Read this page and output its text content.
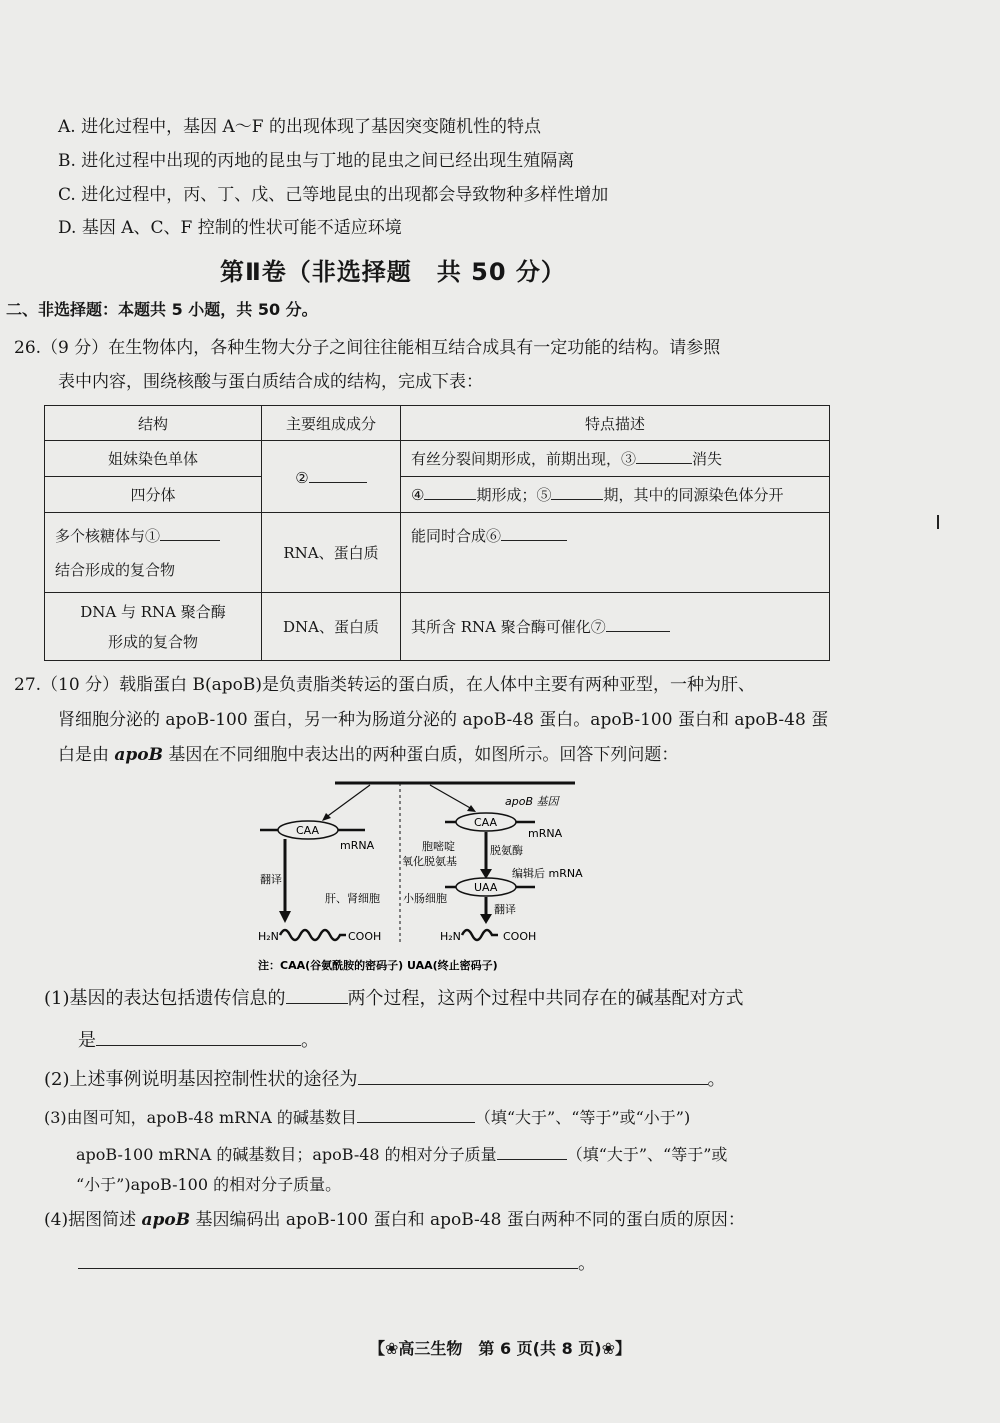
A. 进化过程中，基因 A～F 的出现体现了基因突变随机性的特点
B. 进化过程中出现的丙地的昆虫与丁地的昆虫之间已经出现生殖隔离
C. 进化过程中，丙、丁、戊、己等地昆虫的出现都会导致物种多样性增加
D. 基因 A、C、F 控制的性状可能不适应环境
第Ⅱ卷（非选择题　共 50 分）
二、非选择题：本题共 5 小题，共 50 分。
26.（9 分）在生物体内，各种生物大分子之间往往能相互结合成具有一定功能的结构。请参照
表中内容，围绕核酸与蛋白质结合成的结构，完成下表：
结构	主要组成成分	特点描述
姐妹染色单体	②	有丝分裂间期形成，前期出现，③ 消失
四分体		④ 期形成；⑤ 期，其中的同源染色体分开

多个核糖体与①
结合形成的复合物	RNA、蛋白质	能同时合成⑥

DNA 与 RNA 聚合酶
形成的复合物	DNA、蛋白质	其所含 RNA 聚合酶可催化⑦
27.（10 分）载脂蛋白 B(apoB)是负责脂类转运的蛋白质，在人体中主要有两种亚型，一种为肝、
肾细胞分泌的 apoB-100 蛋白，另一种为肠道分泌的 apoB-48 蛋白。apoB-100 蛋白和 apoB-48 蛋
白是由 apoB 基因在不同细胞中表达出的两种蛋白质，如图所示。回答下列问题：
apoB 基因
CAA
mRNA
翻译
肝、肾细胞
H₂N	COOH
CAA
mRNA
胞嘧啶
氧化脱氨基
脱氨酶
编辑后 mRNA
UAA
小肠细胞
翻译
H₂N	COOH
注：CAA(谷氨酰胺的密码子) UAA(终止密码子)
(1)基因的表达包括遗传信息的	两个过程，这两个过程中共同存在的碱基配对方式
是	。
(2)上述事例说明基因控制性状的途径为	。
(3)由图可知，apoB-48 mRNA 的碱基数目	（填“大于”、“等于”或“小于”)
apoB-100 mRNA 的碱基数目；apoB-48 的相对分子质量	（填“大于”、“等于”或
“小于”)apoB-100 的相对分子质量。
(4)据图简述 apoB 基因编码出 apoB-100 蛋白和 apoB-48 蛋白两种不同的蛋白质的原因：
。
【❀高三生物　第 6 页(共 8 页)❀】
